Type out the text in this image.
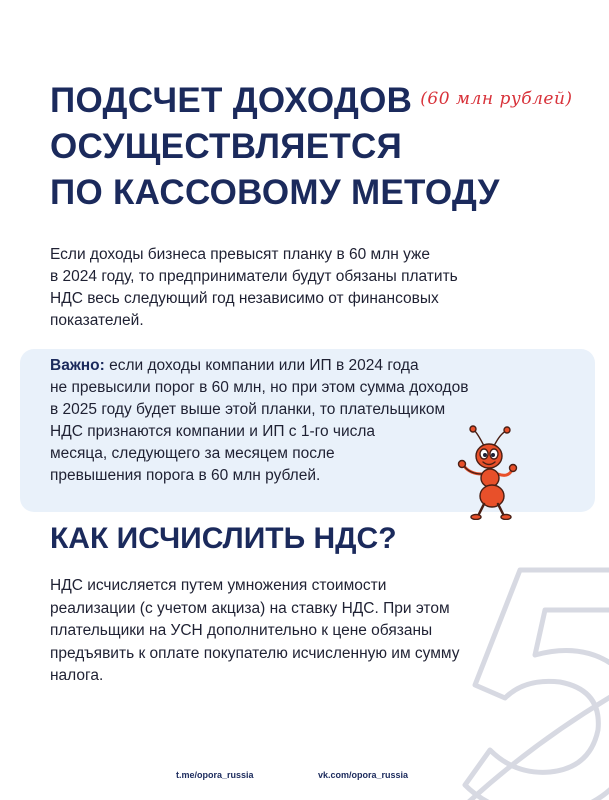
ПОДСЧЕТ ДОХОДОВ $^{(60 млн рублей)}$
ОСУЩЕСТВЛЯЕТСЯ
ПО КАССОВОМУ МЕТОДУ
Если доходы бизнеса превысят планку в 60 млн уже
в 2024 году, то предприниматели будут обязаны платить
НДС весь следующий год независимо от финансовых
показателей.
Важно: если доходы компании или ИП в 2024 года
не превысили порог в 60 млн, но при этом сумма доходов
в 2025 году будет выше этой планки, то плательщиком
НДС признаются компании и ИП с 1-го числа
месяца, следующего за месяцем после
превышения порога в 60 млн рублей.
КАК ИСЧИСЛИТЬ НДС?
НДС исчисляется путем умножения стоимости
реализации (с учетом акциза) на ставку НДС. При этом
плательщики на УСН дополнительно к цене обязаны
предъявить к оплате покупателю исчисленную им сумму
налога.
t.me/opora_russia	vk.com/opora_russia
